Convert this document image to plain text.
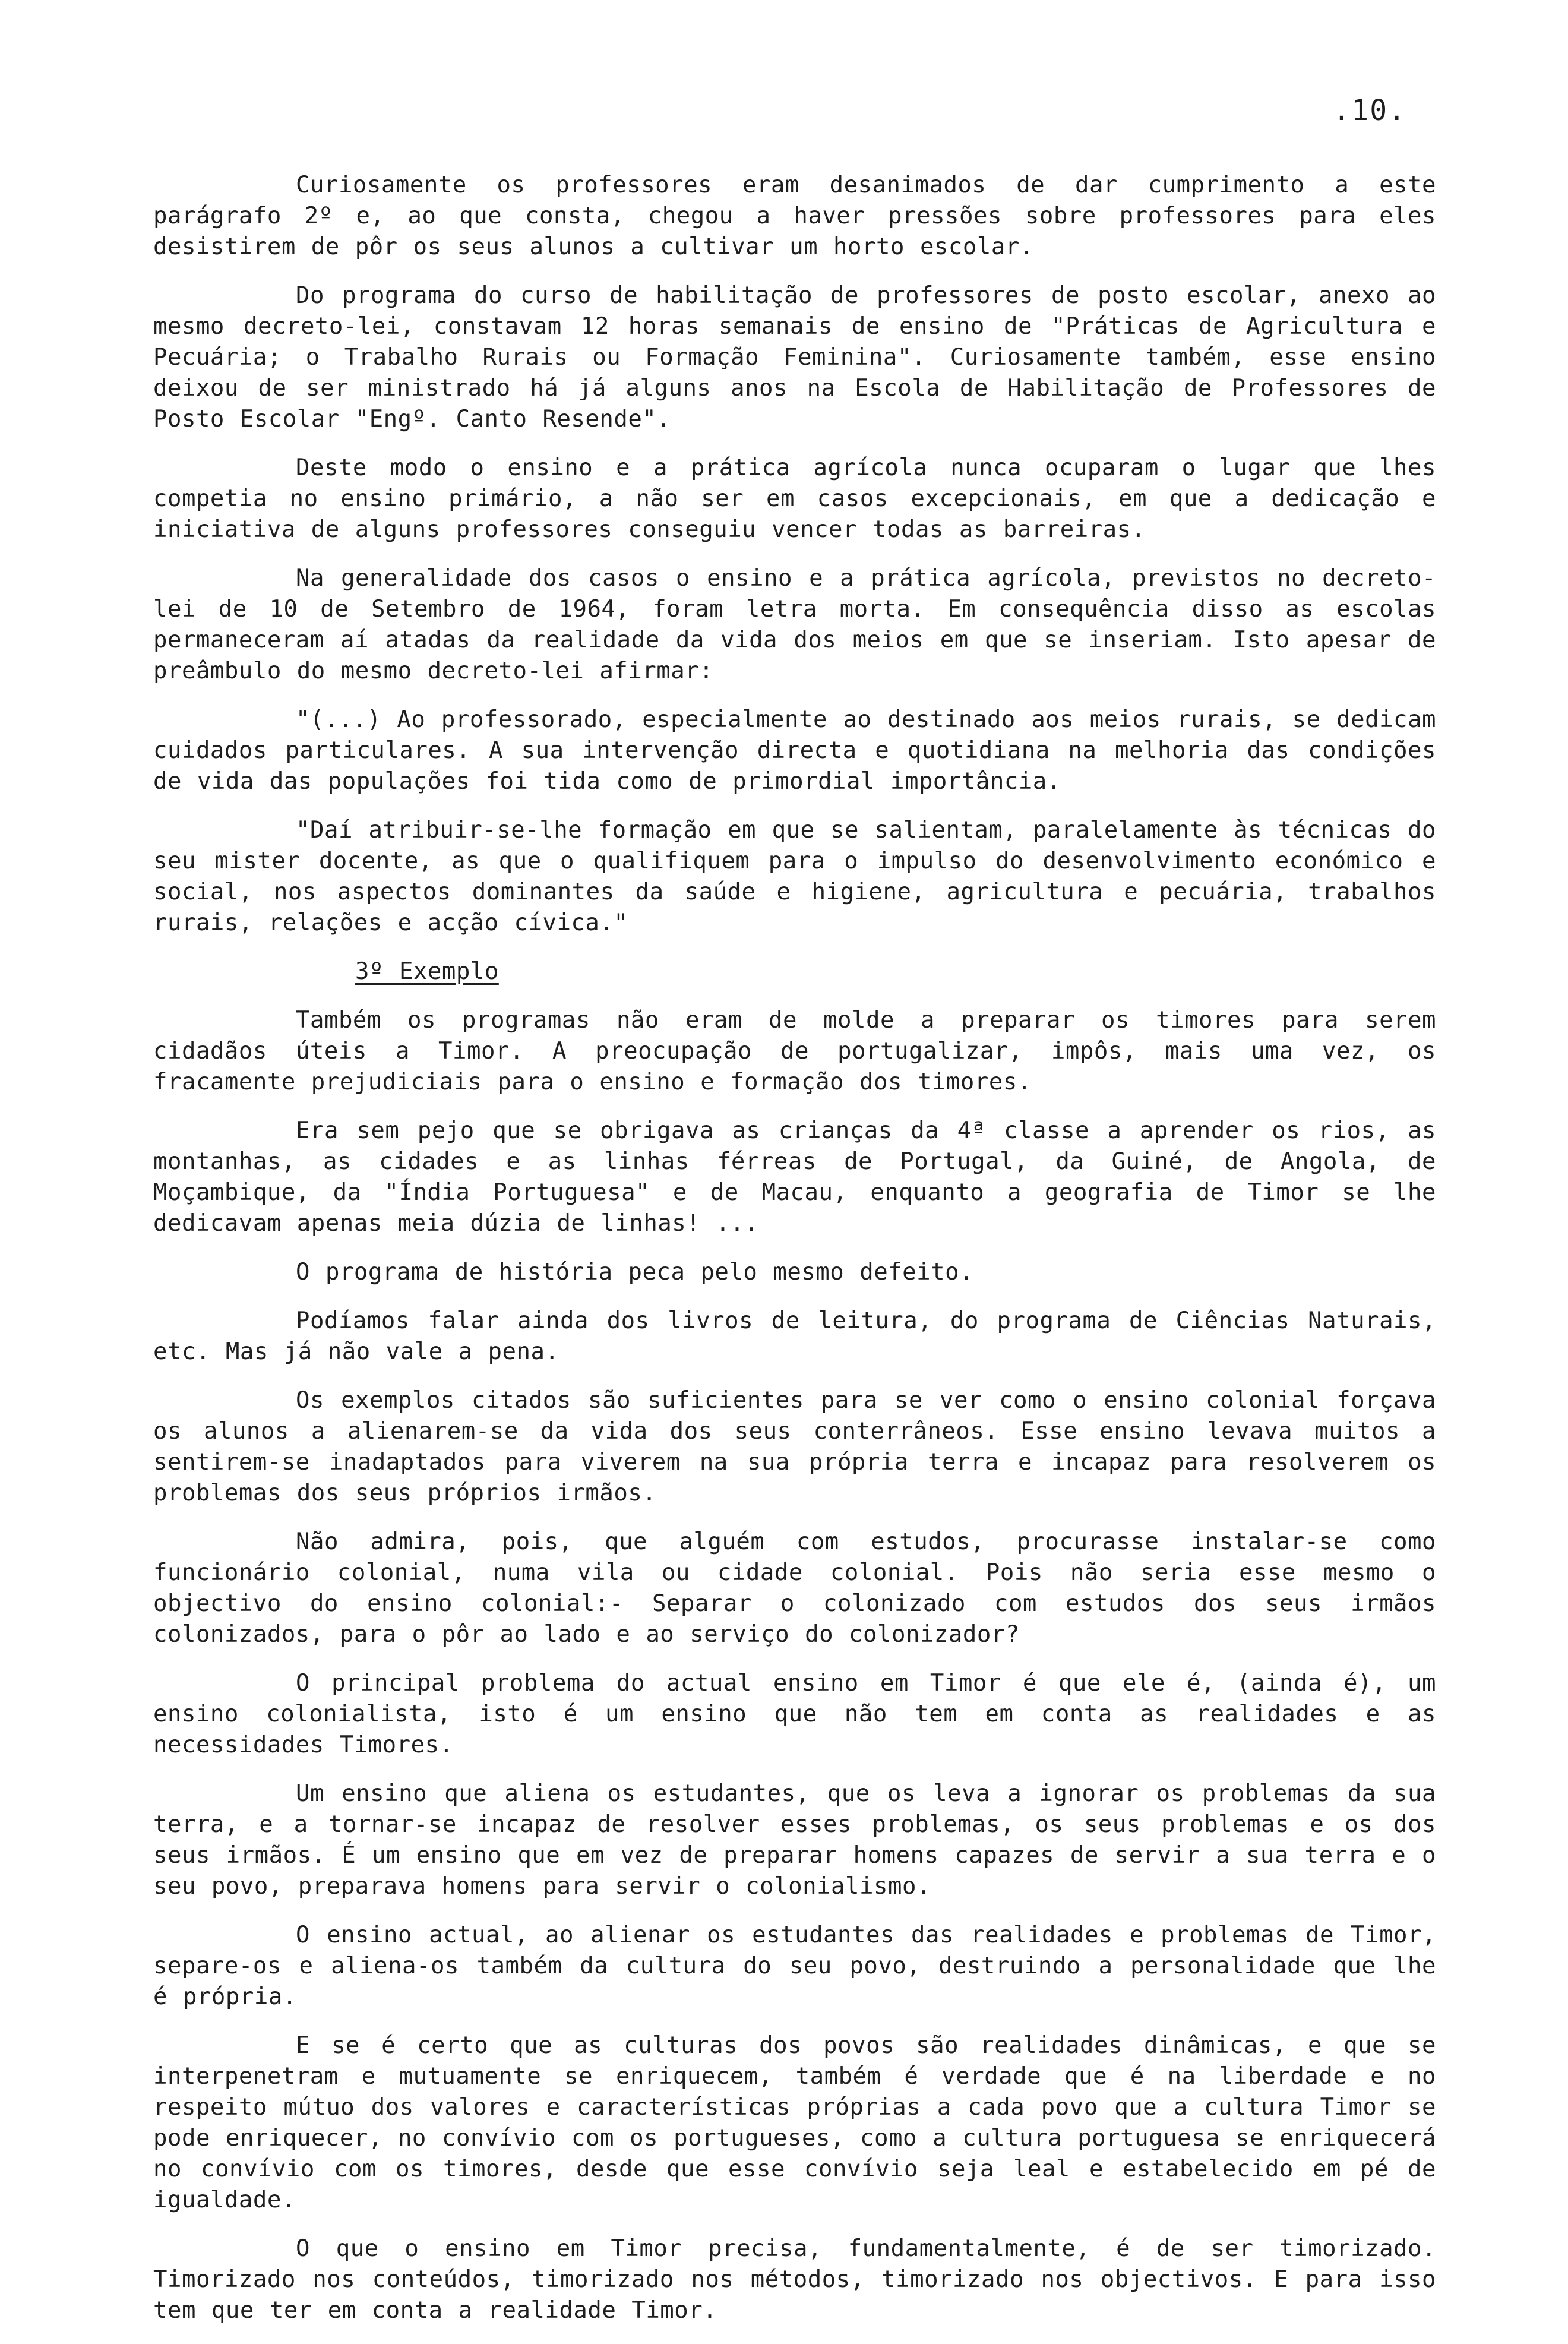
.10.

Curiosamente os professores eram desanimados de dar cumprimento a este parágrafo 2º e, ao que consta, chegou a haver pressões sobre professores para eles desistirem de pôr os seus alunos a cultivar um horto escolar.

Do programa do curso de habilitação de professores de posto escolar, anexo ao mesmo decreto-lei, constavam 12 horas semanais de ensino de "Práticas de Agricultura e Pecuária; o Trabalho Rurais ou Formação Feminina". Curiosamente também, esse ensino deixou de ser ministrado há já alguns anos na Escola de Habilitação de Professores de Posto Escolar "Engº. Canto Resende".

Deste modo o ensino e a prática agrícola nunca ocuparam o lugar que lhes competia no ensino primário, a não ser em casos excepcionais, em que a dedicação e iniciativa de alguns professores conseguiu vencer todas as barreiras.

Na generalidade dos casos o ensino e a prática agrícola, previstos no decreto-lei de 10 de Setembro de 1964, foram letra morta. Em consequência disso as escolas permaneceram aí atadas da realidade da vida dos meios em que se inseriam. Isto apesar de preâmbulo do mesmo decreto-lei afirmar:

"(...) Ao professorado, especialmente ao destinado aos meios rurais, se dedicam cuidados particulares. A sua intervenção directa e quotidiana na melhoria das condições de vida das populações foi tida como de primordial importância.

"Daí atribuir-se-lhe formação em que se salientam, paralelamente às técnicas do seu mister docente, as que o qualifiquem para o impulso do desenvolvimento económico e social, nos aspectos dominantes da saúde e higiene, agricultura e pecuária, trabalhos rurais, relações e acção cívica."

3º Exemplo

Também os programas não eram de molde a preparar os timores para serem cidadãos úteis a Timor. A preocupação de portugalizar, impôs, mais uma vez, os fracamente prejudiciais para o ensino e formação dos timores.

Era sem pejo que se obrigava as crianças da 4ª classe a aprender os rios, as montanhas, as cidades e as linhas férreas de Portugal, da Guiné, de Angola, de Moçambique, da "Índia Portuguesa" e de Macau, enquanto a geografia de Timor se lhe dedicavam apenas meia dúzia de linhas! ...

O programa de história peca pelo mesmo defeito.

Podíamos falar ainda dos livros de leitura, do programa de Ciências Naturais, etc. Mas já não vale a pena.

Os exemplos citados são suficientes para se ver como o ensino colonial forçava os alunos a alienarem-se da vida dos seus conterrâneos. Esse ensino levava muitos a sentirem-se inadaptados para viverem na sua própria terra e incapaz para resolverem os problemas dos seus próprios irmãos.

Não admira, pois, que alguém com estudos, procurasse instalar-se como funcionário colonial, numa vila ou cidade colonial. Pois não seria esse mesmo o objectivo do ensino colonial:- Separar o colonizado com estudos dos seus irmãos colonizados, para o pôr ao lado e ao serviço do colonizador?

O principal problema do actual ensino em Timor é que ele é, (ainda é), um ensino colonialista, isto é um ensino que não tem em conta as realidades e as necessidades Timores.

Um ensino que aliena os estudantes, que os leva a ignorar os problemas da sua terra, e a tornar-se incapaz de resolver esses problemas, os seus problemas e os dos seus irmãos. É um ensino que em vez de preparar homens capazes de servir a sua terra e o seu povo, preparava homens para servir o colonialismo.

O ensino actual, ao alienar os estudantes das realidades e problemas de Timor, separe-os e aliena-os também da cultura do seu povo, destruindo a personalidade que lhe é própria.

E se é certo que as culturas dos povos são realidades dinâmicas, e que se interpenetram e mutuamente se enriquecem, também é verdade que é na liberdade e no respeito mútuo dos valores e características próprias a cada povo que a cultura Timor se pode enriquecer, no convívio com os portugueses, como a cultura portuguesa se enriquecerá no convívio com os timores, desde que esse convívio seja leal e estabelecido em pé de igualdade.

O que o ensino em Timor precisa, fundamentalmente, é de ser timorizado. Timorizado nos conteúdos, timorizado nos métodos, timorizado nos objectivos. E para isso tem que ter em conta a realidade Timor.
